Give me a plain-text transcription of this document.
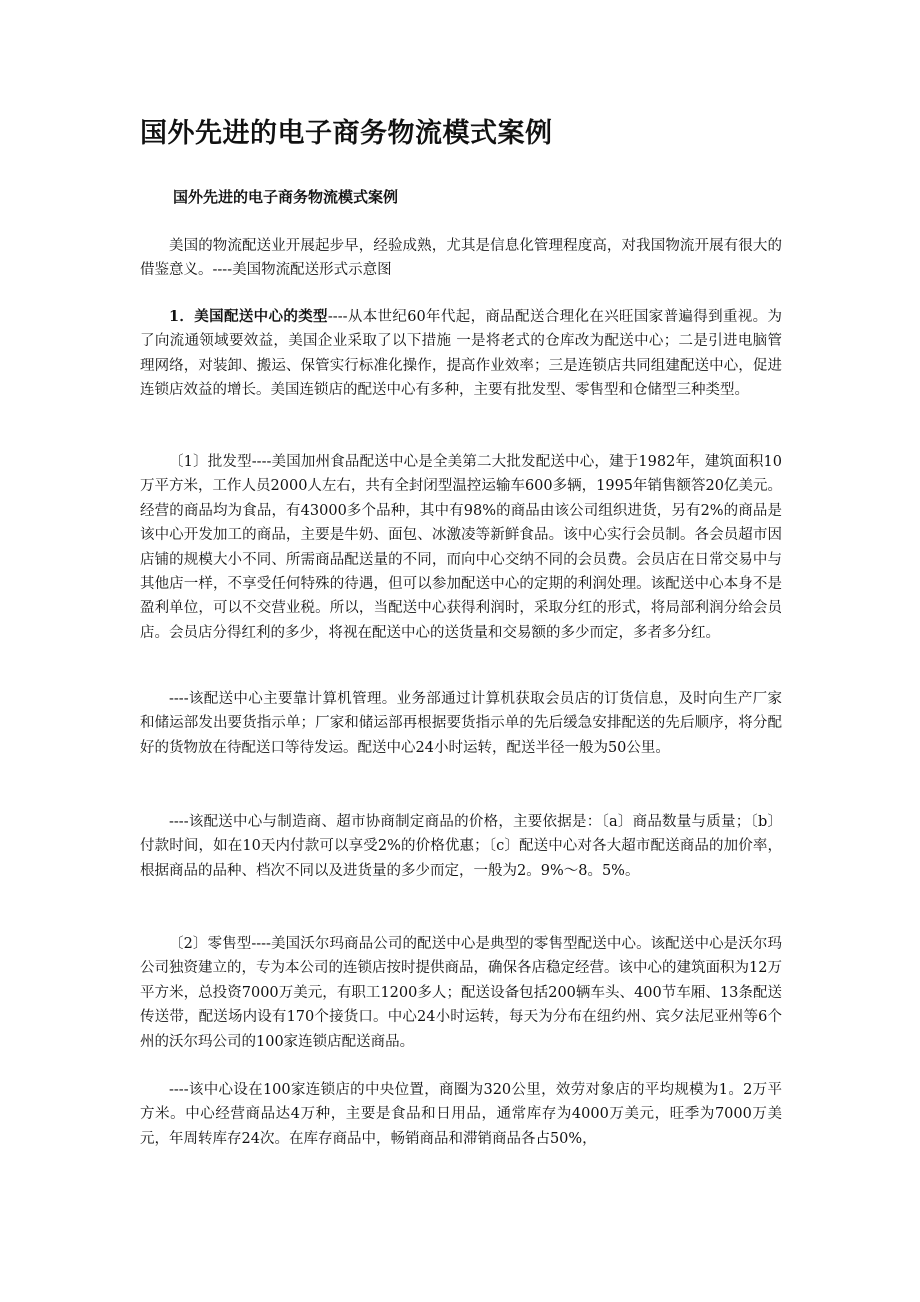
国外先进的电子商务物流模式案例
国外先进的电子商务物流模式案例

美国的物流配送业开展起步早，经验成熟，尤其是信息化管理程度高，对我国物流开展有很大的借鉴意义。----美国物流配送形式示意图

1．美国配送中心的类型----从本世纪60年代起，商品配送合理化在兴旺国家普遍得到重视。为了向流通领域要效益，美国企业采取了以下措施 一是将老式的仓库改为配送中心；二是引进电脑管理网络，对装卸、搬运、保管实行标准化操作，提高作业效率；三是连锁店共同组建配送中心，促进连锁店效益的增长。美国连锁店的配送中心有多种，主要有批发型、零售型和仓储型三种类型。

〔1〕批发型----美国加州食品配送中心是全美第二大批发配送中心，建于1982年，建筑面积10万平方米，工作人员2000人左右，共有全封闭型温控运输车600多辆，1995年销售额答20亿美元。经营的商品均为食品，有43000多个品种，其中有98%的商品由该公司组织进货，另有2%的商品是该中心开发加工的商品，主要是牛奶、面包、冰激凌等新鲜食品。该中心实行会员制。各会员超市因店铺的规模大小不同、所需商品配送量的不同，而向中心交纳不同的会员费。会员店在日常交易中与其他店一样，不享受任何特殊的待遇，但可以参加配送中心的定期的利润处理。该配送中心本身不是盈利单位，可以不交营业税。所以，当配送中心获得利润时，采取分红的形式，将局部利润分给会员店。会员店分得红利的多少，将视在配送中心的送货量和交易额的多少而定，多者多分红。

----该配送中心主要靠计算机管理。业务部通过计算机获取会员店的订货信息，及时向生产厂家和储运部发出要货指示单；厂家和储运部再根据要货指示单的先后缓急安排配送的先后顺序，将分配好的货物放在待配送口等待发运。配送中心24小时运转，配送半径一般为50公里。

----该配送中心与制造商、超市协商制定商品的价格，主要依据是：〔a〕商品数量与质量；〔b〕付款时间，如在10天内付款可以享受2%的价格优惠；〔c〕配送中心对各大超市配送商品的加价率，根据商品的品种、档次不同以及进货量的多少而定，一般为2。9%～8。5%。

〔2〕零售型----美国沃尔玛商品公司的配送中心是典型的零售型配送中心。该配送中心是沃尔玛公司独资建立的，专为本公司的连锁店按时提供商品，确保各店稳定经营。该中心的建筑面积为12万平方米，总投资7000万美元，有职工1200多人；配送设备包括200辆车头、400节车厢、13条配送传送带，配送场内设有170个接货口。中心24小时运转，每天为分布在纽约州、宾夕法尼亚州等6个州的沃尔玛公司的100家连锁店配送商品。

----该中心设在100家连锁店的中央位置，商圈为320公里，效劳对象店的平均规模为1。2万平方米。中心经营商品达4万种，主要是食品和日用品，通常库存为4000万美元，旺季为7000万美元，年周转库存24次。在库存商品中，畅销商品和滞销商品各占50%，
